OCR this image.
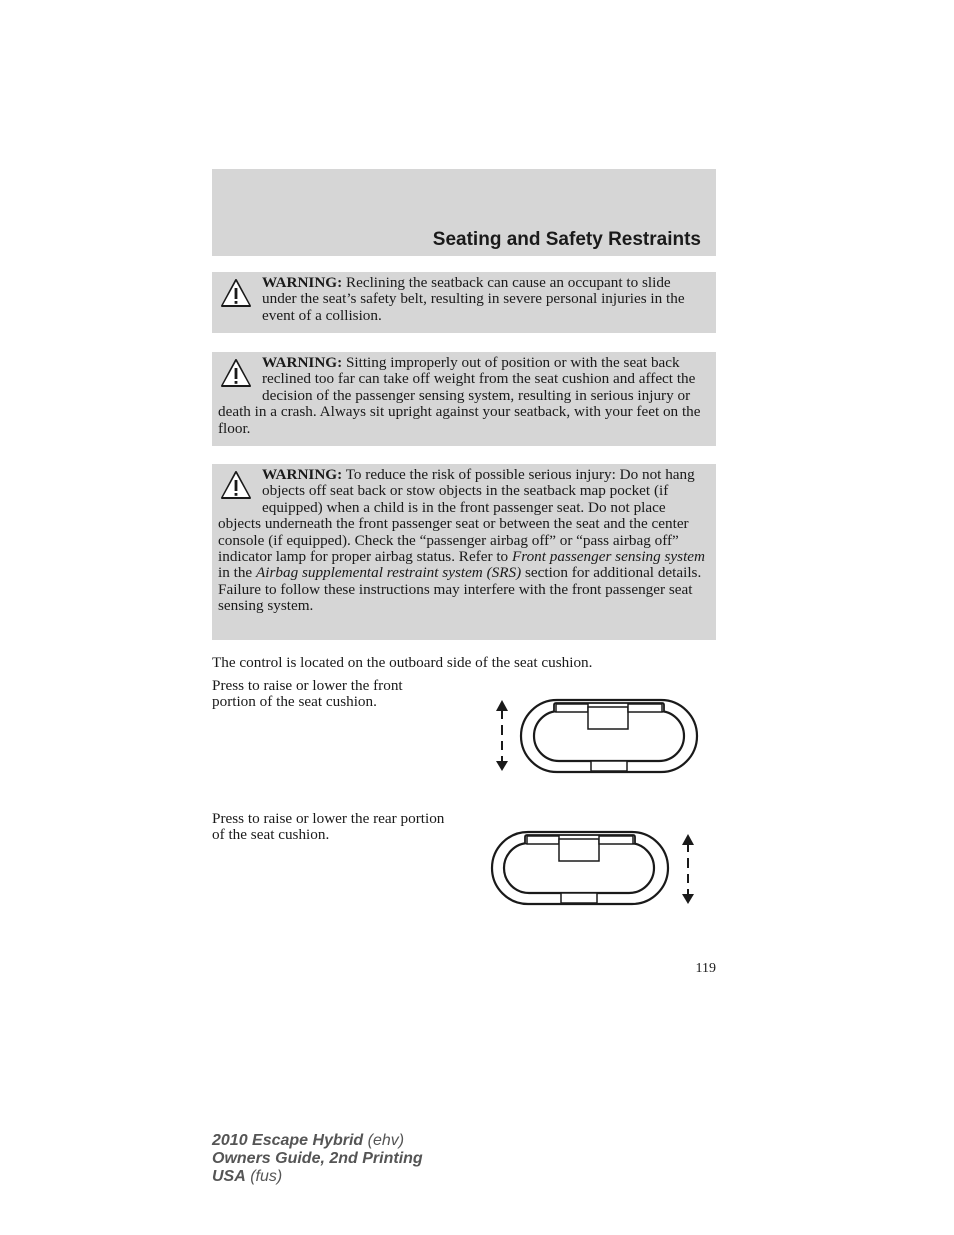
Seating and Safety Restraints
WARNING: Reclining the seatback can cause an occupant to slide under the seat’s safety belt, resulting in severe personal injuries in the event of a collision.
WARNING: Sitting improperly out of position or with the seat back reclined too far can take off weight from the seat cushion and affect the decision of the passenger sensing system, resulting in serious injury or death in a crash. Always sit upright against your seatback, with your feet on the floor.
WARNING: To reduce the risk of possible serious injury: Do not hang objects off seat back or stow objects in the seatback map pocket (if equipped) when a child is in the front passenger seat. Do not place objects underneath the front passenger seat or between the seat and the center console (if equipped). Check the “passenger airbag off” or “pass airbag off” indicator lamp for proper airbag status. Refer to Front passenger sensing system in the Airbag supplemental restraint system (SRS) section for additional details. Failure to follow these instructions may interfere with the front passenger seat sensing system.
The control is located on the outboard side of the seat cushion.
Press to raise or lower the front portion of the seat cushion.
Press to raise or lower the rear portion of the seat cushion.
119
2010 Escape Hybrid (ehv)
Owners Guide, 2nd Printing
USA (fus)
